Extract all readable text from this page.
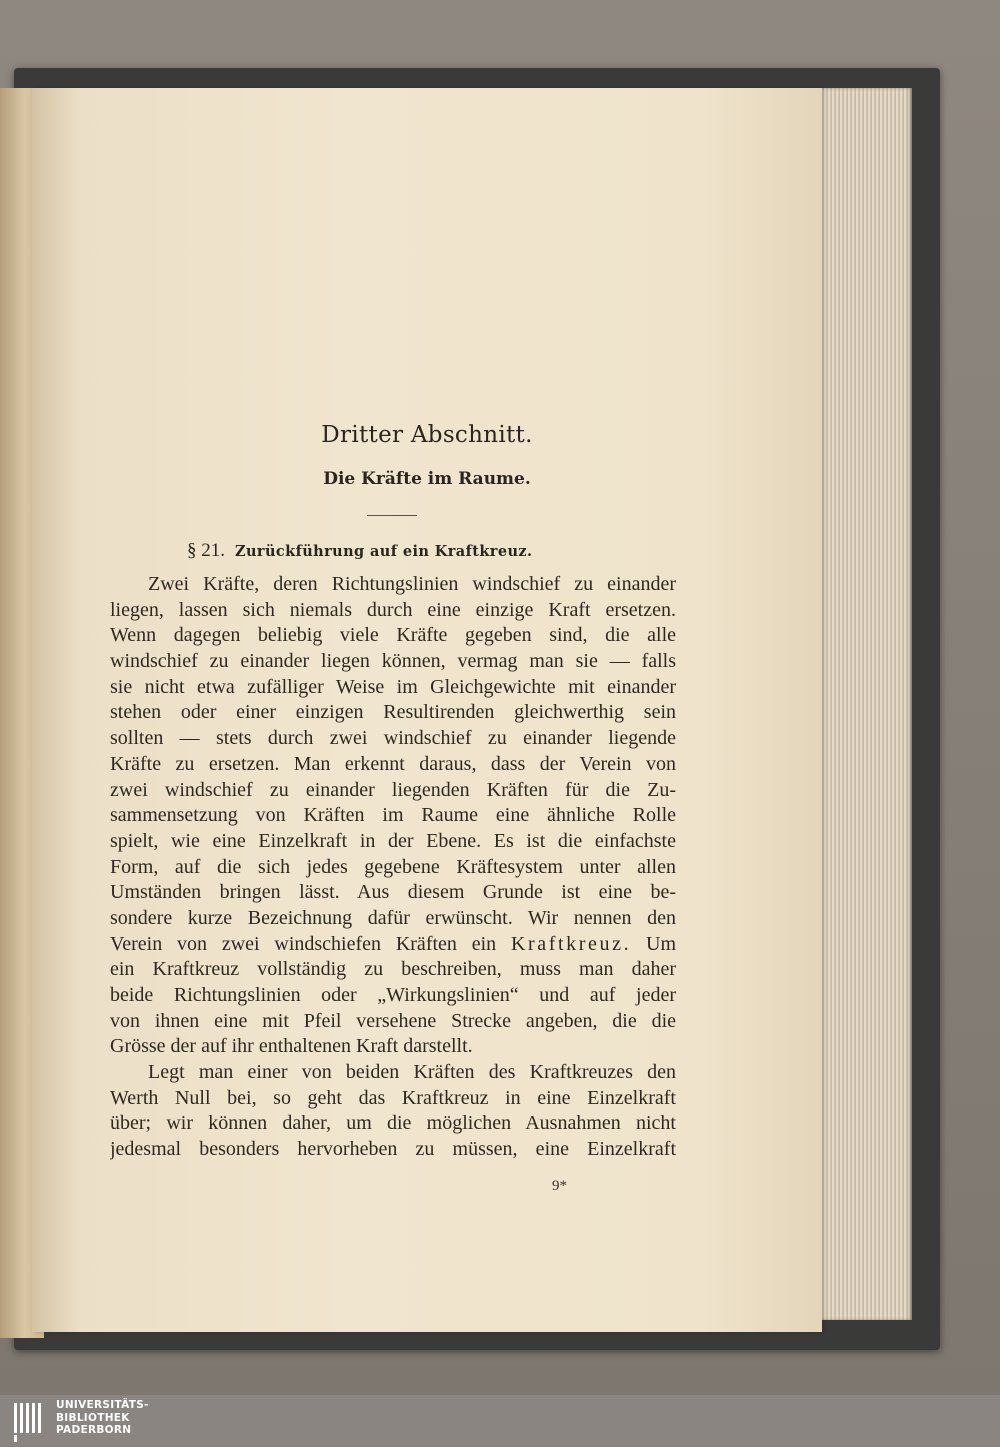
Dritter Abschnitt.
Die Kräfte im Raume.
§ 21. Zurückführung auf ein Kraftkreuz.
Zwei Kräfte, deren Richtungslinien windschief zu einander
liegen, lassen sich niemals durch eine einzige Kraft ersetzen.
Wenn dagegen beliebig viele Kräfte gegeben sind, die alle
windschief zu einander liegen können, vermag man sie — falls
sie nicht etwa zufälliger Weise im Gleichgewichte mit einander
stehen oder einer einzigen Resultirenden gleichwerthig sein
sollten — stets durch zwei windschief zu einander liegende
Kräfte zu ersetzen. Man erkennt daraus, dass der Verein von
zwei windschief zu einander liegenden Kräften für die Zu-
sammensetzung von Kräften im Raume eine ähnliche Rolle
spielt, wie eine Einzelkraft in der Ebene. Es ist die einfachste
Form, auf die sich jedes gegebene Kräftesystem unter allen
Umständen bringen lässt. Aus diesem Grunde ist eine be-
sondere kurze Bezeichnung dafür erwünscht. Wir nennen den
Verein von zwei windschiefen Kräften ein Kraftkreuz. Um
ein Kraftkreuz vollständig zu beschreiben, muss man daher
beide Richtungslinien oder „Wirkungslinien“ und auf jeder
von ihnen eine mit Pfeil versehene Strecke angeben, die die
Grösse der auf ihr enthaltenen Kraft darstellt.
Legt man einer von beiden Kräften des Kraftkreuzes den
Werth Null bei, so geht das Kraftkreuz in eine Einzelkraft
über; wir können daher, um die möglichen Ausnahmen nicht
jedesmal besonders hervorheben zu müssen, eine Einzelkraft
9*
UNIVERSITÄTS-
BIBLIOTHEK
PADERBORN
